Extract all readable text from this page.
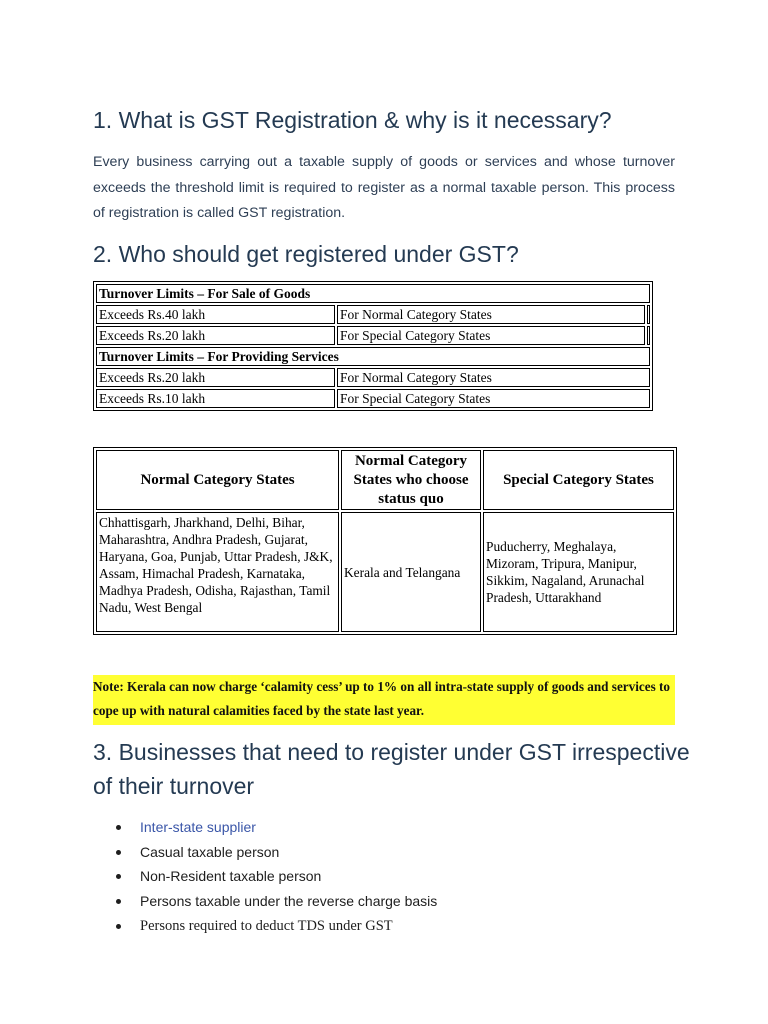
1. What is GST Registration & why is it necessary?

Every business carrying out a taxable supply of goods or services and whose turnover exceeds the threshold limit is required to register as a normal taxable person. This process of registration is called GST registration.

2. Who should get registered under GST?
Turnover Limits – For Sale of Goods		
Exceeds Rs.40 lakh	For Normal Category States	
Exceeds Rs.20 lakh	For Special Category States	
Turnover Limits – For Providing Services		
Exceeds Rs.20 lakh	For Normal Category States	
Exceeds Rs.10 lakh	For Special Category States	
Normal Category States	Normal Category States who choose status quo	Special Category States
Chhattisgarh, Jharkhand, Delhi, Bihar, Maharashtra, Andhra Pradesh, Gujarat, Haryana, Goa, Punjab, Uttar Pradesh, J&K, Assam, Himachal Pradesh, Karnataka, Madhya Pradesh, Odisha, Rajasthan, Tamil Nadu, West Bengal	Kerala and Telangana	Puducherry, Meghalaya, Mizoram, Tripura, Manipur, Sikkim, Nagaland, Arunachal Pradesh, Uttarakhand

Note: Kerala can now charge ‘calamity cess’ up to 1% on all intra-state supply of goods and services to cope up with natural calamities faced by the state last year.

3. Businesses that need to register under GST irrespective of their turnover
Inter-state supplier
Casual taxable person
Non-Resident taxable person
Persons taxable under the reverse charge basis
Persons required to deduct TDS under GST
